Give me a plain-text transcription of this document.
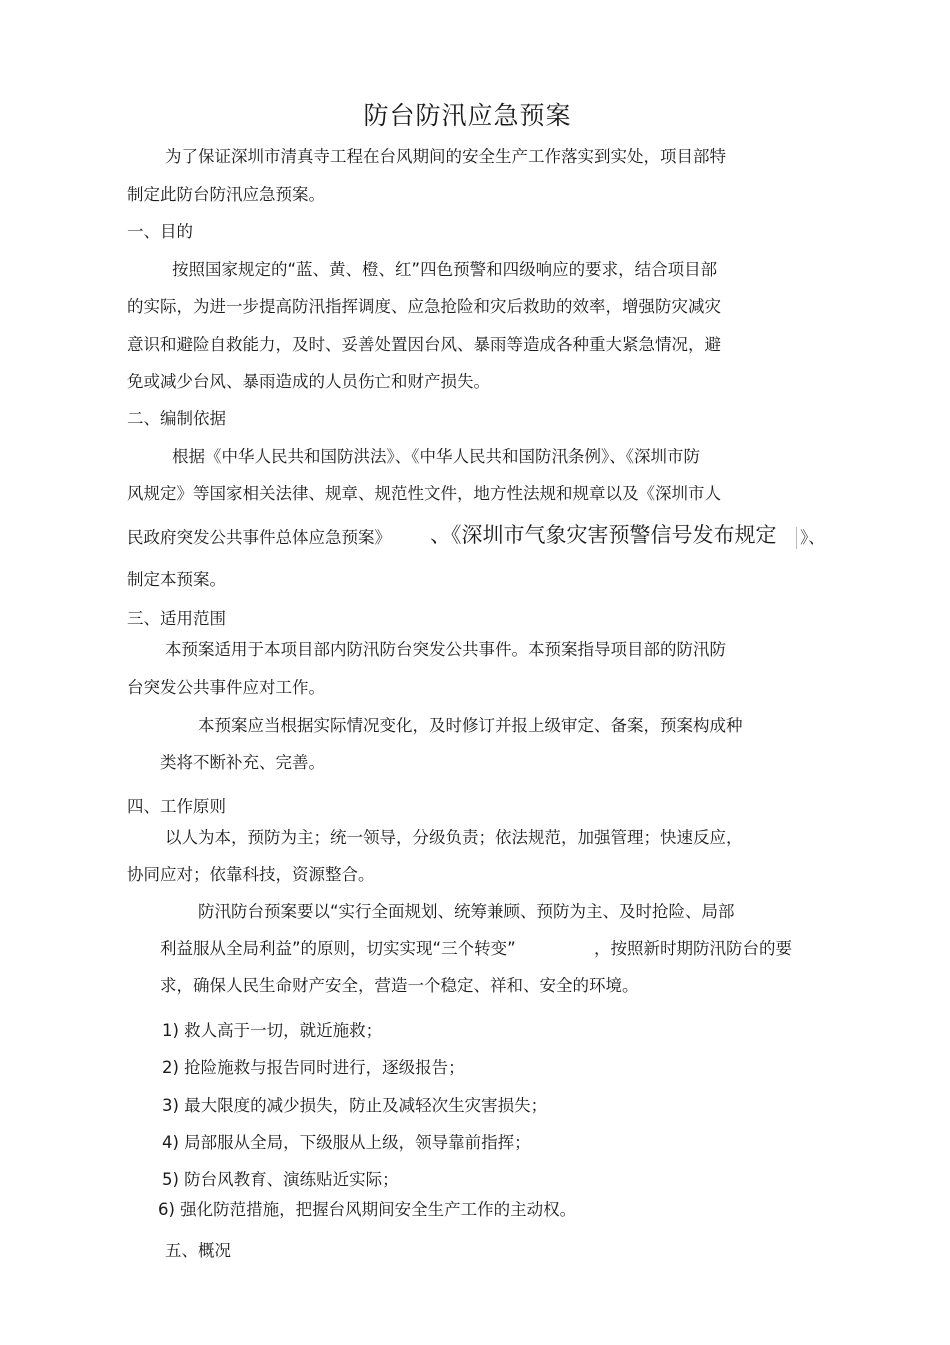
防台防汛应急预案

为了保证深圳市清真寺工程在台风期间的安全生产工作落实到实处，项目部特

制定此防台防汛应急预案。

一、目的

按照国家规定的“蓝、黄、橙、红”四色预警和四级响应的要求，结合项目部

的实际，为进一步提高防汛指挥调度、应急抢险和灾后救助的效率，增强防灾减灾

意识和避险自救能力，及时、妥善处置因台风、暴雨等造成各种重大紧急情况，避

免或减少台风、暴雨造成的人员伤亡和财产损失。

二、编制依据

根据《中华人民共和国防洪法》、《中华人民共和国防汛条例》、《深圳市防

风规定》等国家相关法律、规章、规范性文件，地方性法规和规章以及《深圳市人

民政府突发公共事件总体应急预案》 、《深圳市气象灾害预警信号发布规定 》、

制定本预案。

三、适用范围

本预案适用于本项目部内防汛防台突发公共事件。本预案指导项目部的防汛防

台突发公共事件应对工作。

本预案应当根据实际情况变化，及时修订并报上级审定、备案，预案构成种

类将不断补充、完善。

四、工作原则

以人为本，预防为主；统一领导，分级负责；依法规范，加强管理；快速反应，

协同应对；依靠科技，资源整合。

防汛防台预案要以“实行全面规划、统筹兼顾、预防为主、及时抢险、局部

利益服从全局利益”的原则，切实实现“三个转变”	，按照新时期防汛防台的要

求，确保人民生命财产安全，营造一个稳定、祥和、安全的环境。

1) 救人高于一切，就近施救；

2) 抢险施救与报告同时进行，逐级报告；

3) 最大限度的减少损失，防止及减轻次生灾害损失；

4) 局部服从全局，下级服从上级，领导靠前指挥；

5) 防台风教育、演练贴近实际；

6) 强化防范措施，把握台风期间安全生产工作的主动权。

五、概况
